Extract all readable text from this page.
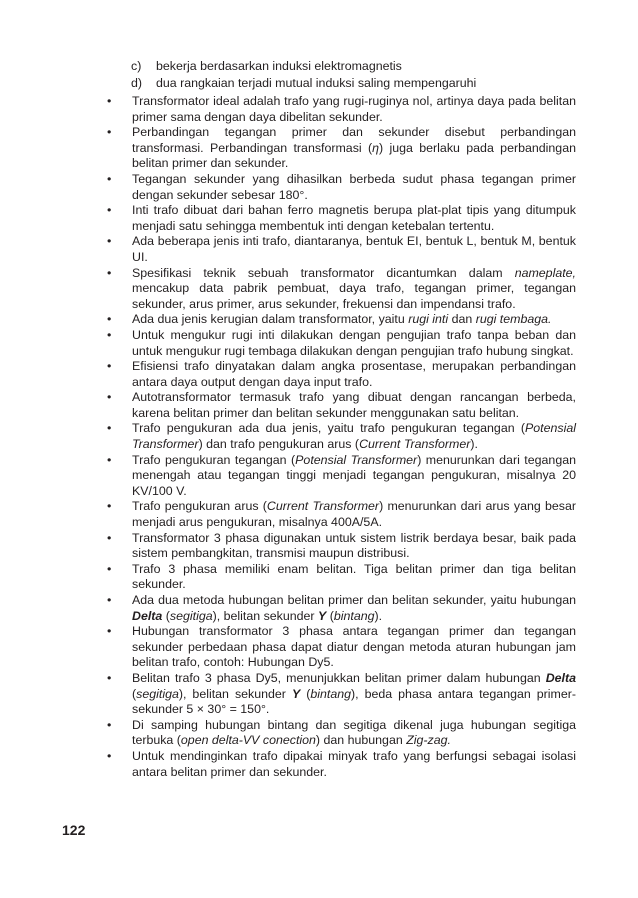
c)	bekerja berdasarkan induksi elektromagnetis
d)	dua rangkaian terjadi mutual induksi saling mempengaruhi
•	Transformator ideal adalah trafo yang rugi-ruginya nol, artinya daya pada belitan primer sama dengan daya dibelitan sekunder.
•	Perbandingan tegangan primer dan sekunder disebut perbandingan transformasi. Perbandingan transformasi (η) juga berlaku pada perbandingan belitan primer dan sekunder.
•	Tegangan sekunder yang dihasilkan berbeda sudut phasa tegangan primer dengan sekunder sebesar 180°.
•	Inti trafo dibuat dari bahan ferro magnetis berupa plat-plat tipis yang ditumpuk menjadi satu sehingga membentuk inti dengan ketebalan tertentu.
•	Ada beberapa jenis inti trafo, diantaranya, bentuk EI, bentuk L, bentuk M, bentuk UI.
•	Spesifikasi teknik sebuah transformator dicantumkan dalam nameplate, mencakup data pabrik pembuat, daya trafo, tegangan primer, tegangan sekunder, arus primer, arus sekunder, frekuensi dan impendansi trafo.
•	Ada dua jenis kerugian dalam transformator, yaitu rugi inti dan rugi tembaga.
•	Untuk mengukur rugi inti dilakukan dengan pengujian trafo tanpa beban dan untuk mengukur rugi tembaga dilakukan dengan pengujian trafo hubung singkat.
•	Efisiensi trafo dinyatakan dalam angka prosentase, merupakan perbandingan antara daya output dengan daya input trafo.
•	Autotransformator termasuk trafo yang dibuat dengan rancangan berbeda, karena belitan primer dan belitan sekunder menggunakan satu belitan.
•	Trafo pengukuran ada dua jenis, yaitu trafo pengukuran tegangan (Potensial Transformer) dan trafo pengukuran arus (Current Transformer).
•	Trafo pengukuran tegangan (Potensial Transformer) menurunkan dari tegangan menengah atau tegangan tinggi menjadi tegangan pengukuran, misalnya 20 KV/100 V.
•	Trafo pengukuran arus (Current Transformer) menurunkan dari arus yang besar menjadi arus pengukuran, misalnya 400A/5A.
•	Transformator 3 phasa digunakan untuk sistem listrik berdaya besar, baik pada sistem pembangkitan, transmisi maupun distribusi.
•	Trafo 3 phasa memiliki enam belitan. Tiga belitan primer dan tiga belitan sekunder.
•	Ada dua metoda hubungan belitan primer dan belitan sekunder, yaitu hubungan Delta (segitiga), belitan sekunder Y (bintang).
•	Hubungan transformator 3 phasa antara tegangan primer dan tegangan sekunder perbedaan phasa dapat diatur dengan metoda aturan hubungan jam belitan trafo, contoh: Hubungan Dy5.
•	Belitan trafo 3 phasa Dy5, menunjukkan belitan primer dalam hubungan Delta (segitiga), belitan sekunder Y (bintang), beda phasa antara tegangan primer- sekunder 5 × 30° = 150°.
•	Di samping hubungan bintang dan segitiga dikenal juga hubungan segitiga terbuka (open delta-VV conection) dan hubungan Zig-zag.
•	Untuk mendinginkan trafo dipakai minyak trafo yang berfungsi sebagai isolasi antara belitan primer dan sekunder.
122
